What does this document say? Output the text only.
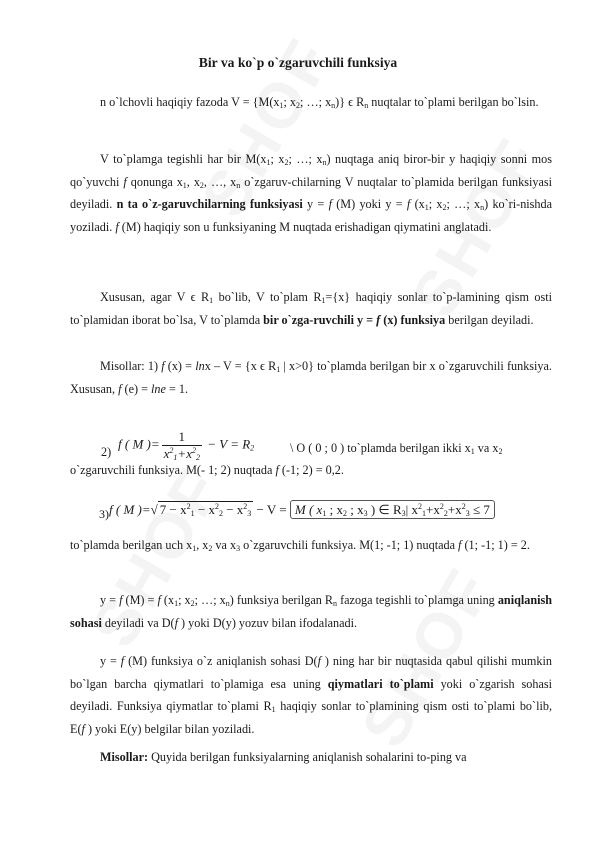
Bir va ko`p o`zgaruvchili funksiya

n o`lchovli haqiqiy fazoda $V = \{M(x_1$; $x_2$; …; $x_n$)} ϵ $R_n$ nuqtalar to`plami berilgan bo`lsin.

V to`plamga tegishli har bir $M(x_1$; $x_2$; …; $x_n$) nuqtaga aniq biror-bir y haqiqiy sonni mos qo`yuvchi f qonunga $x_1$, $x_2$, …, $x_n$ o`zgaruv-chilarning V nuqtalar to`plamida berilgan funksiyasi deyiladi. n ta o`z-garuvchilarning funksiyasi y = f (M) yoki y = f ($x_1$; $x_2$; …; $x_n$) ko`ri-nishda yoziladi. f (M) haqiqiy son u funksiyaning M nuqtada erishadigan qiymatini anglatadi.

Xususan, agar V ϵ $R_1$ bo`lib, V to`plam $R_1=\{x\}$ haqiqiy sonlar to`p-lamining qism osti to`plamidan iborat bo`lsa, V to`plamda bir o`zga-ruvchili y = f (x) funksiya berilgan deyiladi.

Misollar: 1) f (x) = lnx – V = {x ϵ $R_1$ | x>0} to`plamda berilgan bir x o`zgaruvchili funksiya. Xususan, f (e) = lne = 1.

f ( M )= $\frac{1}{x^2_1+x^2_2} - V = R_2$
2)	\ O ( 0 ; 0 ) to`plamda berilgan ikki $x_1$ va $x_2$
o`zgaruvchili funksiya. M(- 1; 2) nuqtada f (-1; 2) = 0,2.
3)f ( M )=√ $7 - x^2_1 - x^2_2 - x^2_3 - V = M$ ( $x_1$ ; $x_2$ ; $x_3$ ) ∈ $R_3|$ $x^2_1+x^2_2+x^2_3 \le 7$

to`plamda berilgan uch $x_1$, $x_2$ va $x_3$ o`zgaruvchili funksiya. M(1; -1; 1) nuqtada f (1; -1; 1) = 2.

y = f (M) = f ($x_1$; $x_2$; …; $x_n$) funksiya berilgan $R_n$ fazoga tegishli to`plamga uning aniqlanish sohasi deyiladi va D(f ) yoki D(y) yozuv bilan ifodalanadi.

y = f (M) funksiya o`z aniqlanish sohasi D(f ) ning har bir nuqtasida qabul qilishi mumkin bo`lgan barcha qiymatlari to`plamiga esa uning qiymatlari to`plami yoki o`zgarish sohasi deyiladi. Funksiya qiymatlar to`plami $R_1$ haqiqiy sonlar to`plamining qism osti to`plami bo`lib, E(f ) yoki E(y) belgilar bilan yoziladi.

Misollar: Quyida berilgan funksiyalarning aniqlanish sohalarini to-ping va
